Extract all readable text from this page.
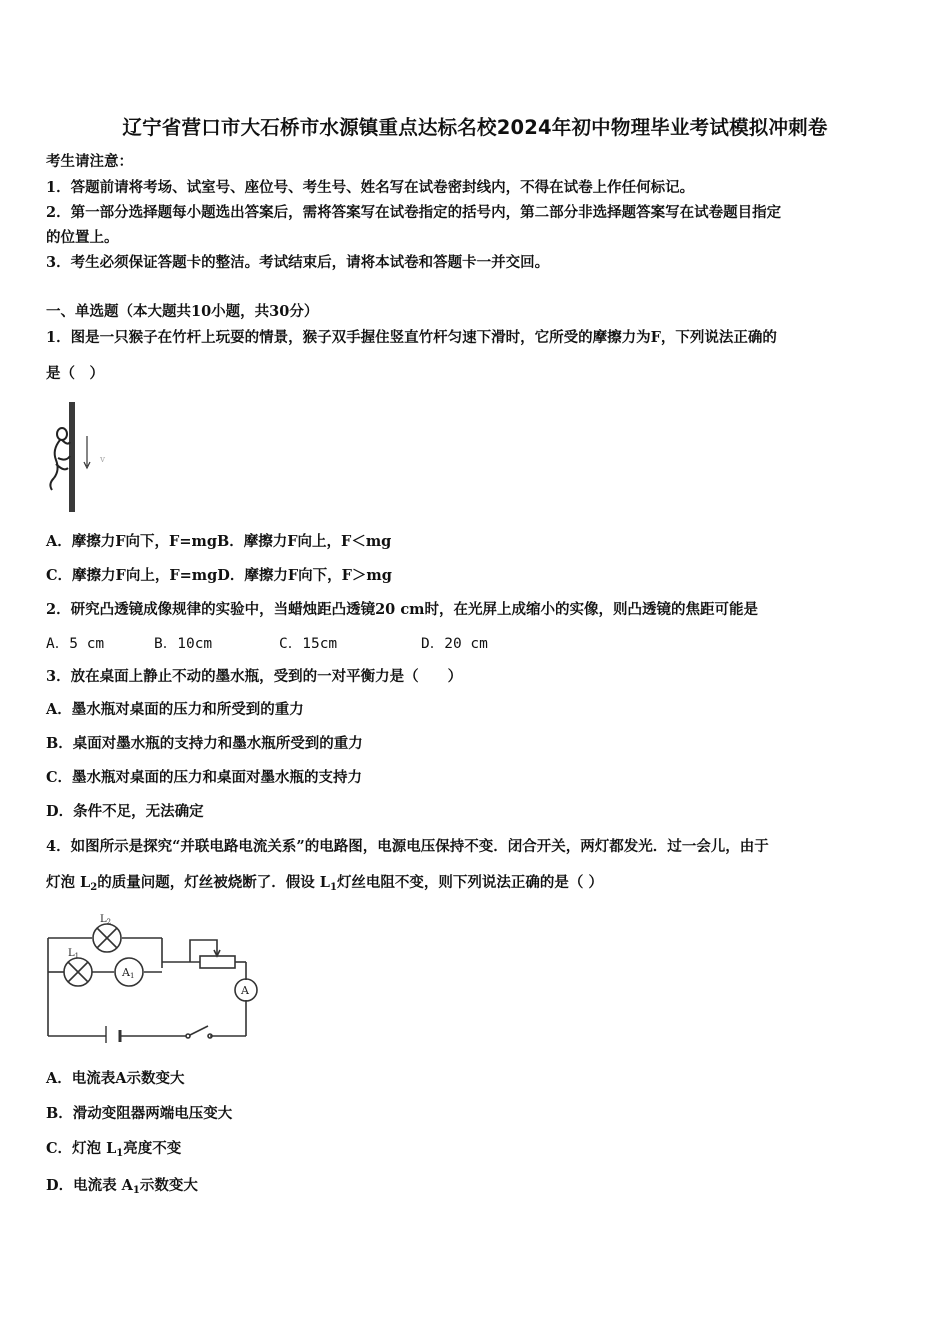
辽宁省营口市大石桥市水源镇重点达标名校2024年初中物理毕业考试模拟冲刺卷
考生请注意：
1．答题前请将考场、试室号、座位号、考生号、姓名写在试卷密封线内，不得在试卷上作任何标记。
2．第一部分选择题每小题选出答案后，需将答案写在试卷指定的括号内，第二部分非选择题答案写在试卷题目指定
的位置上。
3．考生必须保证答题卡的整洁。考试结束后，请将本试卷和答题卡一并交回。
一、单选题（本大题共10小题，共30分）
1．图是一只猴子在竹杆上玩耍的情景，猴子双手握住竖直竹杆匀速下滑时，它所受的摩擦力为F，下列说法正确的
是（　）
v
A．摩擦力F向下，F=mgB．摩擦力F向上，F＜mg
C．摩擦力F向上，F=mgD．摩擦力F向下，F＞mg
2．研究凸透镜成像规律的实验中，当蜡烛距凸透镜20 cm时，在光屏上成缩小的实像，则凸透镜的焦距可能是
A．5 cm	B．10cm	C．15cm	D．20 cm
3．放在桌面上静止不动的墨水瓶，受到的一对平衡力是（　　）
A．墨水瓶对桌面的压力和所受到的重力
B．桌面对墨水瓶的支持力和墨水瓶所受到的重力
C．墨水瓶对桌面的压力和桌面对墨水瓶的支持力
D．条件不足，无法确定
4．如图所示是探究“并联电路电流关系”的电路图，电源电压保持不变．闭合开关，两灯都发光．过一会儿，由于
灯泡 $L_2$的质量问题，灯丝被烧断了．假设 $L_1$灯丝电阻不变，则下列说法正确的是（ ）
$L_2$
$L_1$
A1
A
A．电流表A示数变大
B．滑动变阻器两端电压变大
C．灯泡 $L_1$亮度不变
D．电流表 $A_1$示数变大
